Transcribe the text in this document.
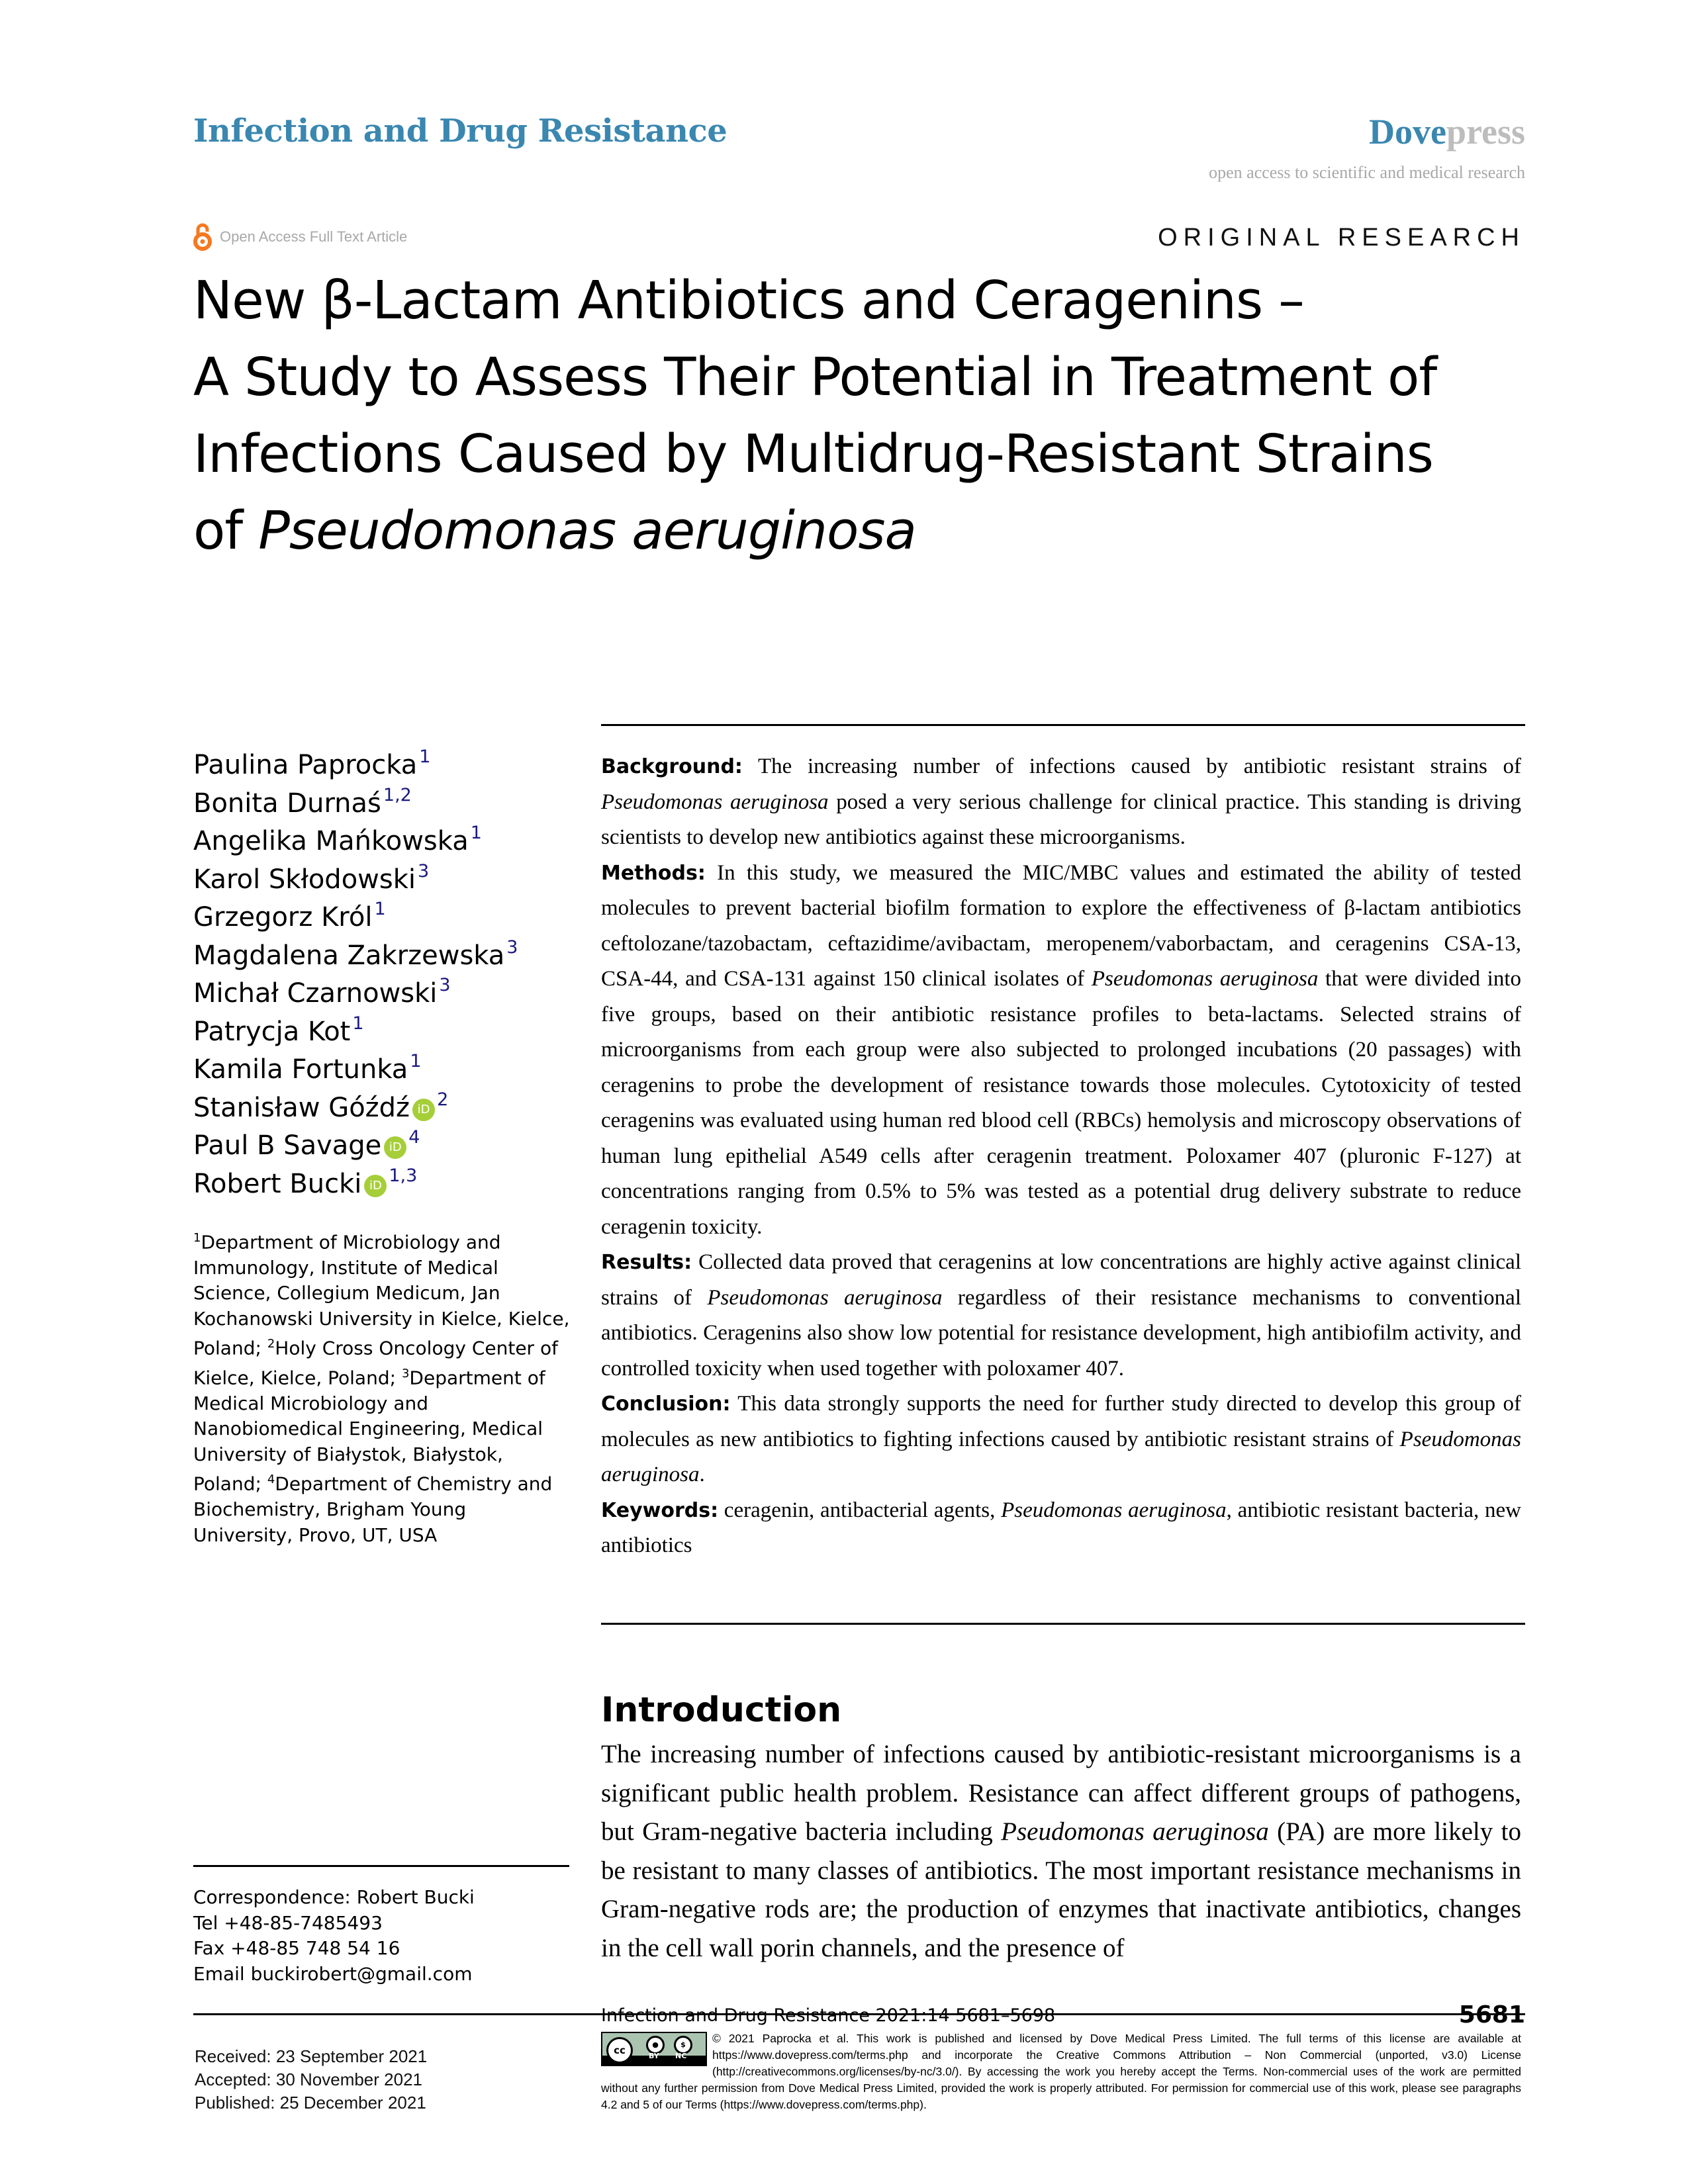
Infection and Drug Resistance	Dovepress
open access to scientific and medical research
Open Access Full Text Article	ORIGINAL RESEARCH
New β-Lactam Antibiotics and Ceragenins –
A Study to Assess Their Potential in Treatment of
Infections Caused by Multidrug-Resistant Strains
of Pseudomonas aeruginosa
Paulina Paprocka 1
Bonita Durnaś 1,2
Angelika Mańkowska 1
Karol Skłodowski 3
Grzegorz Król 1
Magdalena Zakrzewska 3
Michał Czarnowski 3
Patrycja Kot 1
Kamila Fortunka 1
Stanisław Góźdź iD 2
Paul B Savage iD 4
Robert Bucki iD 1,3
$^1$Department of Microbiology and Immunology, Institute of Medical Science, Collegium Medicum, Jan Kochanowski University in Kielce, Kielce, Poland; $^2$Holy Cross Oncology Center of Kielce, Kielce, Poland; $^3$Department of Medical Microbiology and Nanobiomedical Engineering, Medical University of Białystok, Białystok, Poland; $^4$Department of Chemistry and Biochemistry, Brigham Young University, Provo, UT, USA
Correspondence: Robert Bucki
Tel +48-85-7485493
Fax +48-85 748 54 16
Email buckirobert@gmail.com
Received: 23 September 2021
Accepted: 30 November 2021
Published: 25 December 2021

Background: The increasing number of infections caused by antibiotic resistant strains of Pseudomonas aeruginosa posed a very serious challenge for clinical practice. This standing is driving scientists to develop new antibiotics against these microorganisms.

Methods: In this study, we measured the MIC/MBC values and estimated the ability of tested molecules to prevent bacterial biofilm formation to explore the effectiveness of β-lactam antibiotics ceftolozane/tazobactam, ceftazidime/avibactam, meropenem/vaborbactam, and ceragenins CSA-13, CSA-44, and CSA-131 against 150 clinical isolates of Pseudomonas aeruginosa that were divided into five groups, based on their antibiotic resistance profiles to beta-lactams. Selected strains of microorganisms from each group were also subjected to prolonged incubations (20 passages) with ceragenins to probe the development of resistance towards those molecules. Cytotoxicity of tested ceragenins was evaluated using human red blood cell (RBCs) hemolysis and microscopy observations of human lung epithelial A549 cells after ceragenin treatment. Poloxamer 407 (pluronic F-127) at concentrations ranging from 0.5% to 5% was tested as a potential drug delivery substrate to reduce ceragenin toxicity.

Results: Collected data proved that ceragenins at low concentrations are highly active against clinical strains of Pseudomonas aeruginosa regardless of their resistance mechanisms to conventional antibiotics. Ceragenins also show low potential for resistance development, high antibiofilm activity, and controlled toxicity when used together with poloxamer 407.

Conclusion: This data strongly supports the need for further study directed to develop this group of molecules as new antibiotics to fighting infections caused by antibiotic resistant strains of Pseudomonas aeruginosa.

Keywords: ceragenin, antibacterial agents, Pseudomonas aeruginosa, antibiotic resistant bacteria, new antibiotics

Introduction

The increasing number of infections caused by antibiotic-resistant microorganisms is a significant public health problem. Resistance can affect different groups of pathogens, but Gram-negative bacteria including Pseudomonas aeruginosa (PA) are more likely to be resistant to many classes of antibiotics. The most important resistance mechanisms in Gram-negative rods are; the production of enzymes that inactivate antibiotics, changes in the cell wall porin channels, and the presence of

Infection and Drug Resistance 2021:14 5681–5698	5681
cc	●	$
BY NC
© 2021 Paprocka et al. This work is published and licensed by Dove Medical Press Limited. The full terms of this license are available at https://www.dovepress.com/terms.php and incorporate the Creative Commons Attribution – Non Commercial (unported, v3.0) License (http://creativecommons.org/licenses/by-nc/3.0/). By accessing the work you hereby accept the Terms. Non-commercial uses of the work are permitted without any further permission from Dove Medical Press Limited, provided the work is properly attributed. For permission for commercial use of this work, please see paragraphs 4.2 and 5 of our Terms (https://www.dovepress.com/terms.php).
